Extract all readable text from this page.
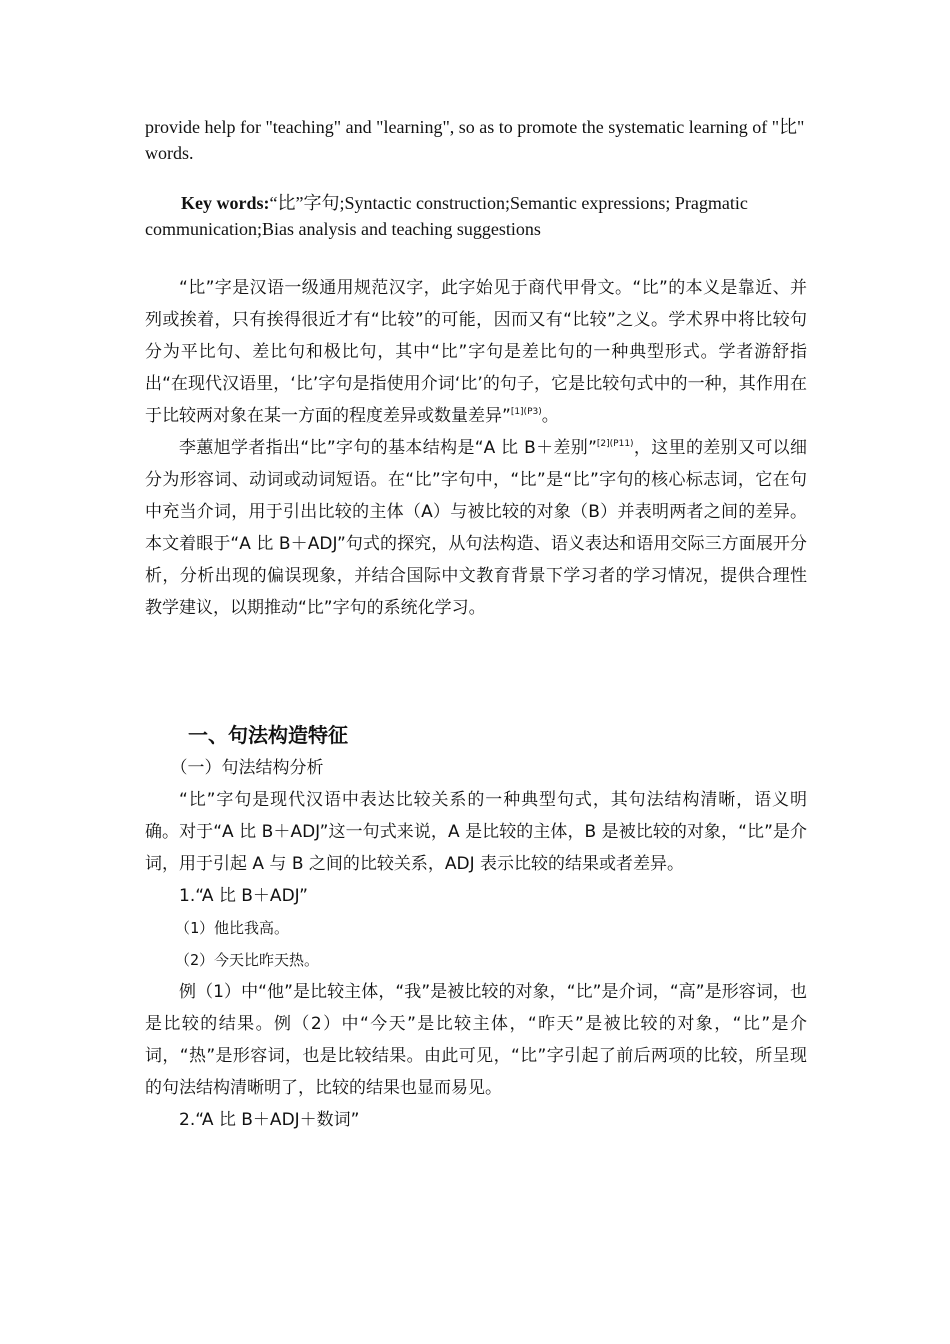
provide help for "teaching" and "learning", so as to promote the systematic learning of "比" words.
Key words:“比”字句;Syntactic construction;Semantic expressions; Pragmatic communication;Bias analysis and teaching suggestions

“比”字是汉语一级通用规范汉字，此字始见于商代甲骨文。“比”的本义是靠近、并列或挨着，只有挨得很近才有“比较”的可能，因而又有“比较”之义。学术界中将比较句分为平比句、差比句和极比句，其中“比”字句是差比句的一种典型形式。学者游舒指出“在现代汉语里，‘比’字句是指使用介词‘比’的句子，它是比较句式中的一种，其作用在于比较两对象在某一方面的程度差异或数量差异”$^{[1](P3)}$。

李蕙旭学者指出“比”字句的基本结构是“A 比 B＋差别”$^{[2](P11)}$，这里的差别又可以细分为形容词、动词或动词短语。在“比”字句中，“比”是“比”字句的核心标志词，它在句中充当介词，用于引出比较的主体（A）与被比较的对象（B）并表明两者之间的差异。本文着眼于“A 比 B＋ADJ”句式的探究，从句法构造、语义表达和语用交际三方面展开分析，分析出现的偏误现象，并结合国际中文教育背景下学习者的学习情况，提供合理性教学建议，以期推动“比”字句的系统化学习。

一、句法构造特征

（一）句法结构分析

“比”字句是现代汉语中表达比较关系的一种典型句式，其句法结构清晰，语义明确。对于“A 比 B＋ADJ”这一句式来说，A 是比较的主体，B 是被比较的对象，“比”是介词，用于引起 A 与 B 之间的比较关系，ADJ 表示比较的结果或者差异。

1.“A 比 B＋ADJ”

（1）他比我高。

（2）今天比昨天热。

例（1）中“他”是比较主体，“我”是被比较的对象，“比”是介词，“高”是形容词，也是比较的结果。例（2）中“今天”是比较主体，“昨天”是被比较的对象，“比”是介词，“热”是形容词，也是比较结果。由此可见，“比”字引起了前后两项的比较，所呈现的句法结构清晰明了，比较的结果也显而易见。

2.“A 比 B＋ADJ＋数词”
